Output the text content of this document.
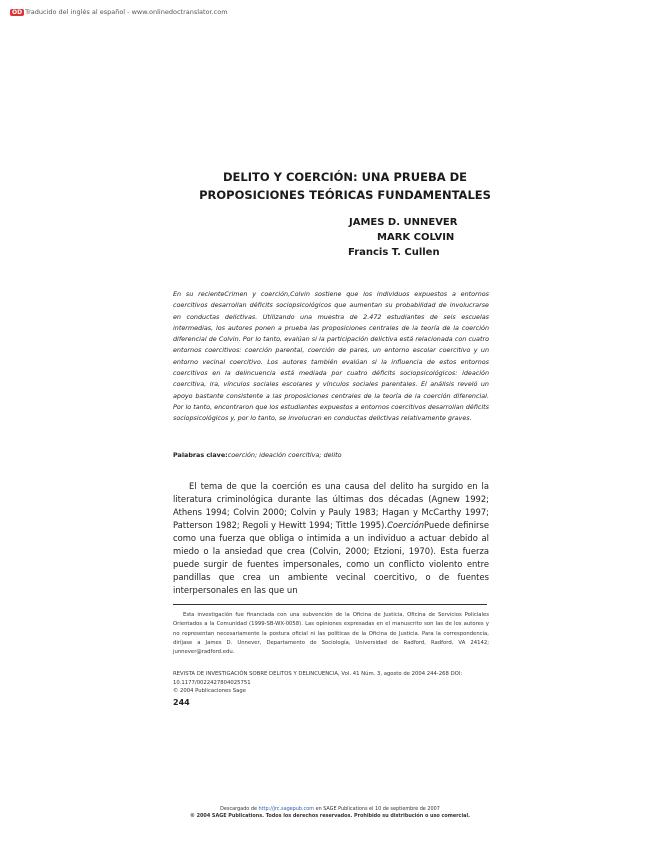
OD Traducido del inglés al español - www.onlinedoctranslator.com
DELITO Y COERCIÓN: UNA PRUEBA DE
PROPOSICIONES TEÓRICAS FUNDAMENTALES
JAMES D. UNNEVER
MARK COLVIN
Francis T. Cullen
En su recienteCrimen y coerción,Colvin sostiene que los individuos expuestos a entornos coercitivos desarrollan déficits sociopsicológicos que aumentan su probabilidad de involucrarse en conductas delictivas. Utilizando una muestra de 2.472 estudiantes de seis escuelas intermedias, los autores ponen a prueba las proposiciones centrales de la teoría de la coerción diferencial de Colvin. Por lo tanto, evalúan si la participación delictiva está relacionada con cuatro entornos coercitivos: coerción parental, coerción de pares, un entorno escolar coercitivo y un entorno vecinal coercitivo. Los autores también evalúan si la influencia de estos entornos coercitivos en la delincuencia está mediada por cuatro déficits sociopsicológicos: ideación coercitiva, ira, vínculos sociales escolares y vínculos sociales parentales. El análisis reveló un apoyo bastante consistente a las proposiciones centrales de la teoría de la coerción diferencial. Por lo tanto, encontraron que los estudiantes expuestos a entornos coercitivos desarrollan déficits sociopsicológicos y, por lo tanto, se involucran en conductas delictivas relativamente graves.
Palabras clave:coerción; ideación coercitiva; delito
El tema de que la coerción es una causa del delito ha surgido en la literatura criminológica durante las últimas dos décadas (Agnew 1992; Athens 1994; Colvin 2000; Colvin y Pauly 1983; Hagan y McCarthy 1997; Patterson 1982; Regoli y Hewitt 1994; Tittle 1995).CoerciónPuede definirse como una fuerza que obliga o intimida a un individuo a actuar debido al miedo o la ansiedad que crea (Colvin, 2000; Etzioni, 1970). Esta fuerza puede surgir de fuentes impersonales, como un conflicto violento entre pandillas que crea un ambiente vecinal coercitivo, o de fuentes interpersonales en las que un
Esta investigación fue financiada con una subvención de la Oficina de Justicia, Oficina de Servicios Policiales Orientados a la Comunidad (1999-SB-WX-0058). Las opiniones expresadas en el manuscrito son las de los autores y no representan necesariamente la postura oficial ni las políticas de la Oficina de Justicia. Para la correspondencia, diríjase a James D. Unnever, Departamento de Sociología, Universidad de Radford, Radford, VA 24142; junnever@radford.edu.
REVISTA DE INVESTIGACIÓN SOBRE DELITOS Y DELINCUENCIA, Vol. 41 Núm. 3, agosto de 2004 244-268 DOI:
10.1177/0022427804025751
© 2004 Publicaciones Sage
244
Descargado de http://jrc.sagepub.com en SAGE Publications el 10 de septiembre de 2007
© 2004 SAGE Publications. Todos los derechos reservados. Prohibido su distribución o uso comercial.
